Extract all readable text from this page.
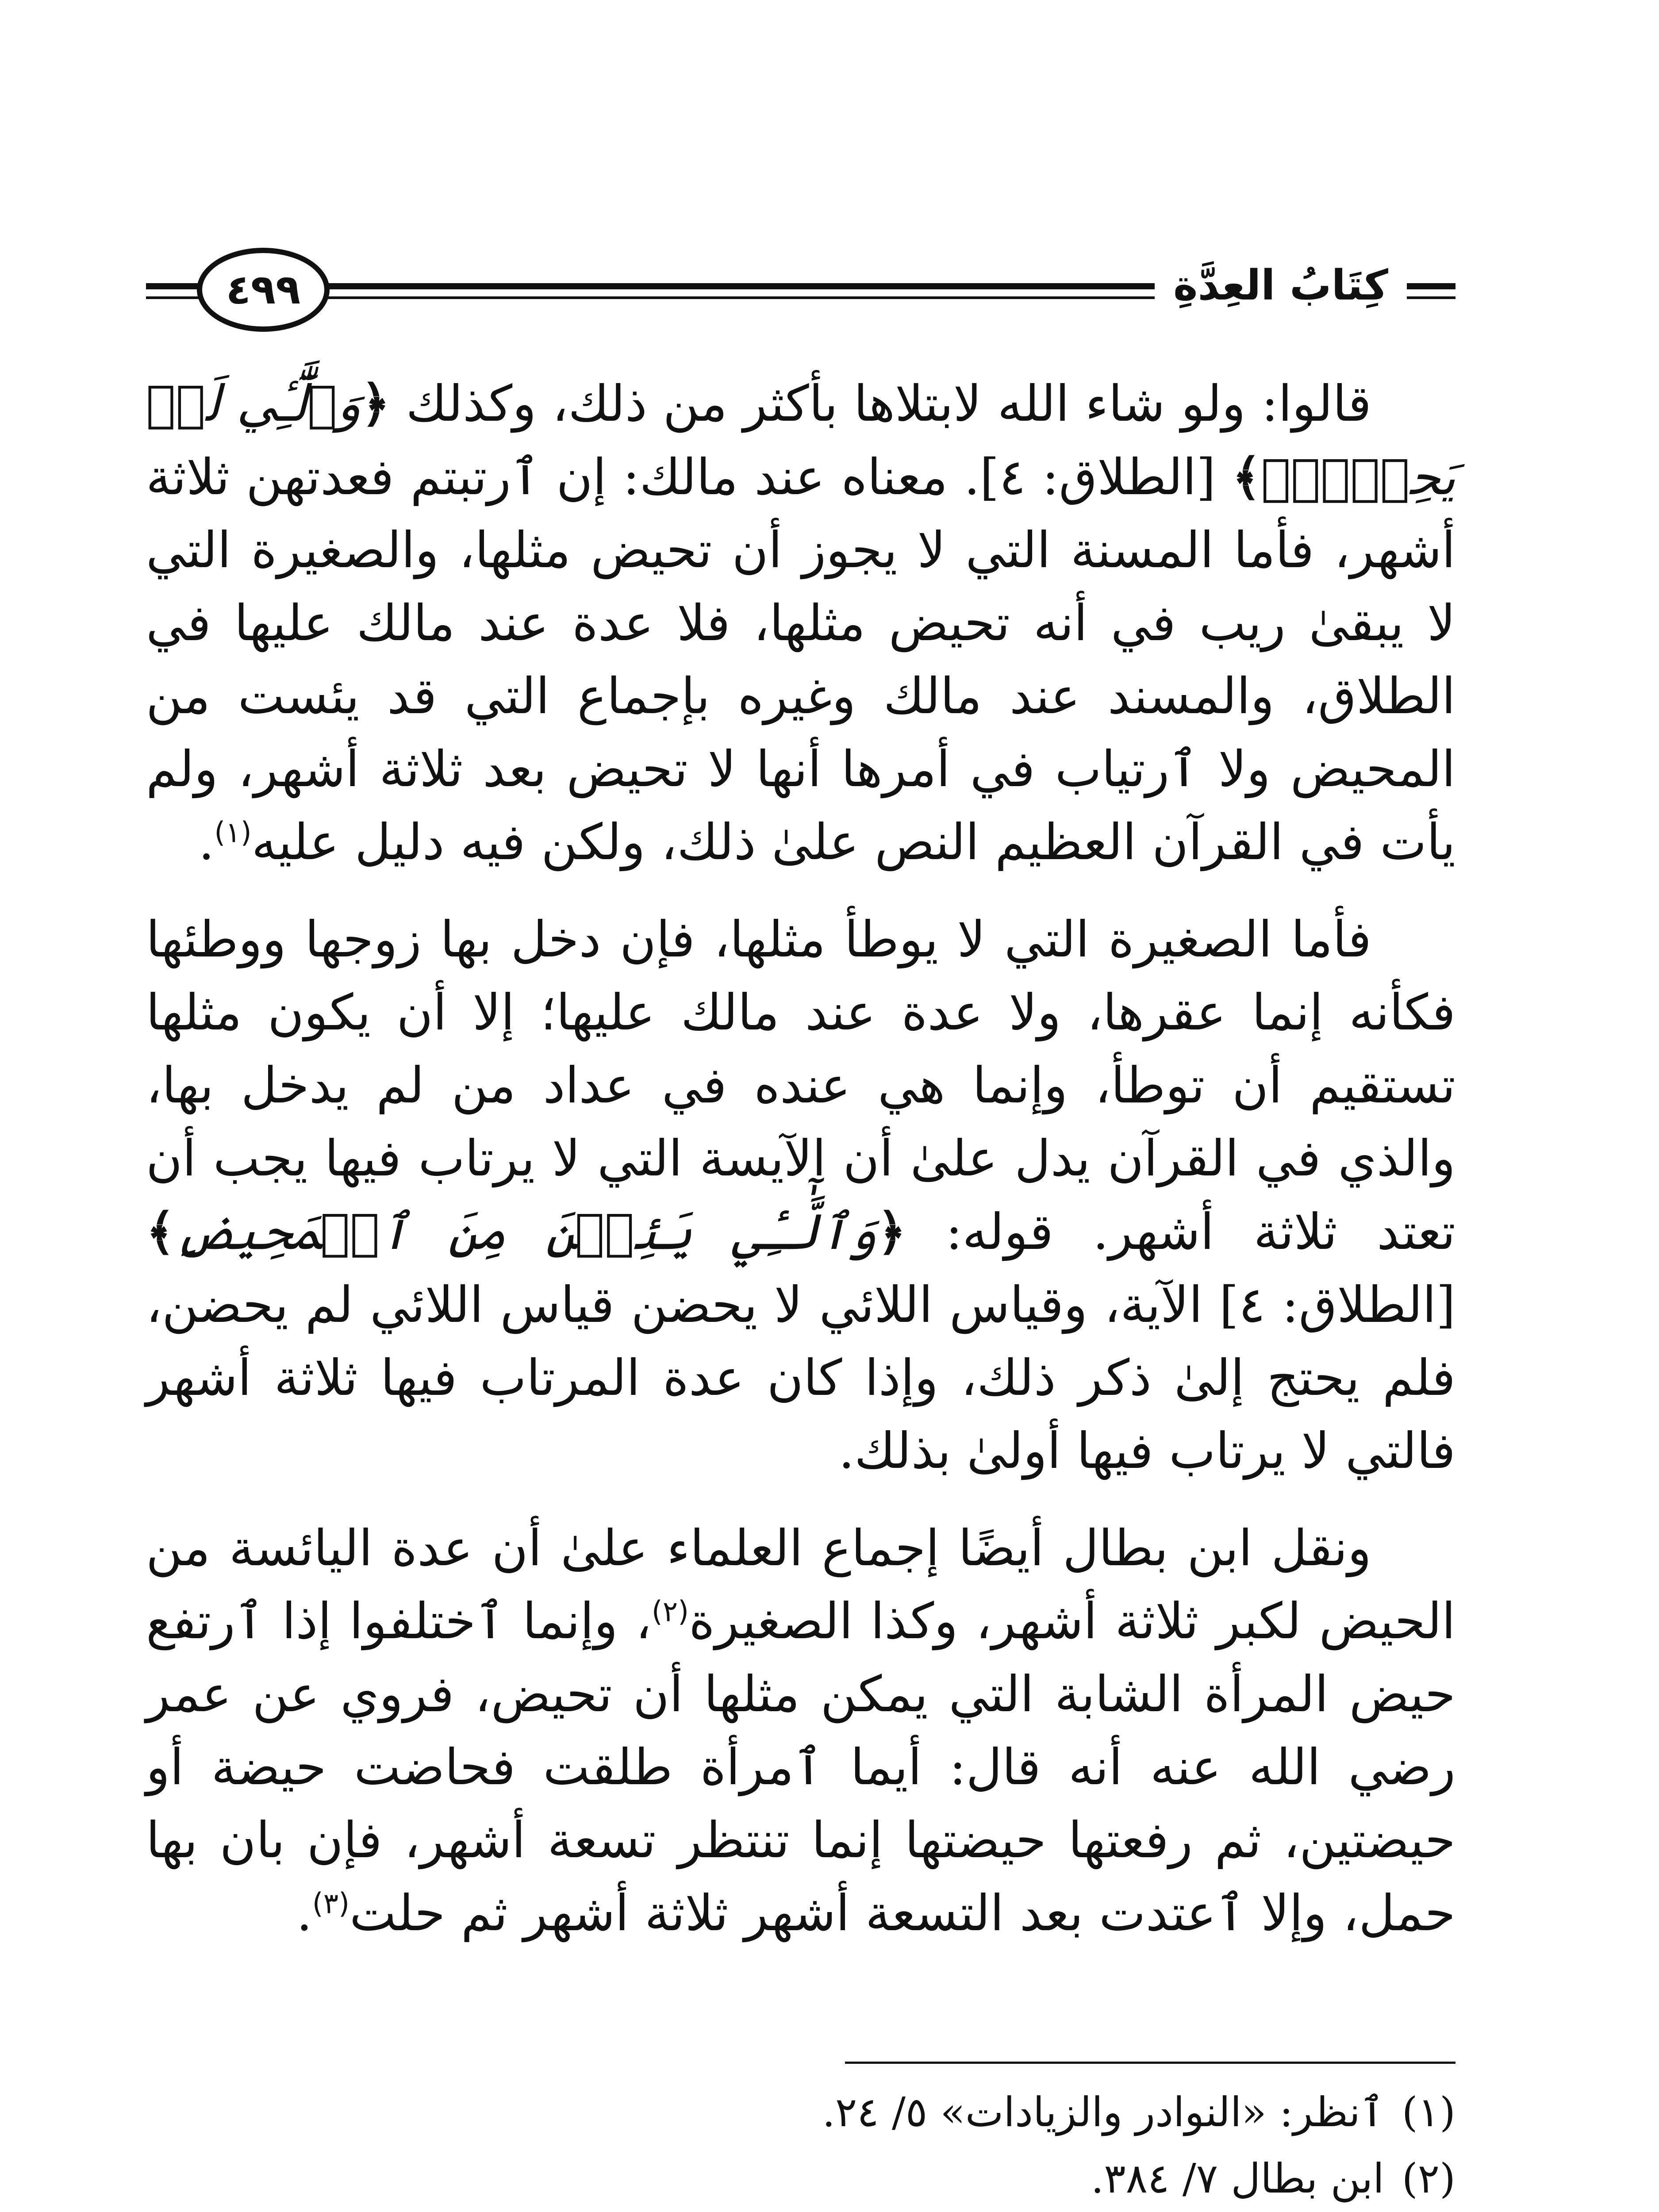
٤٩٩	كِتَابُ العِدَّةِ

قالوا: ولو شاء الله لابتلاها بأكثر من ذلك، وكذلك ﴿وَٱلَّٰٓـِٔي لَمۡ يَحِضۡنَۚ﴾ [الطلاق: ٤]. معناه عند مالك: إن ٱرتبتم فعدتهن ثلاثة أشهر، فأما المسنة التي لا يجوز أن تحيض مثلها، والصغيرة التي لا يبقىٰ ريب في أنه تحيض مثلها، فلا عدة عند مالك عليها في الطلاق، والمسند عند مالك وغيره بإجماع التي قد يئست من المحيض ولا ٱرتياب في أمرها أنها لا تحيض بعد ثلاثة أشهر، ولم يأت في القرآن العظيم النص علىٰ ذلك، ولكن فيه دليل عليه$^{(١)}$.

فأما الصغيرة التي لا يوطأ مثلها، فإن دخل بها زوجها ووطئها فكأنه إنما عقرها، ولا عدة عند مالك عليها؛ إلا أن يكون مثلها تستقيم أن توطأ، وإنما هي عنده في عداد من لم يدخل بها، والذي في القرآن يدل علىٰ أن الآيسة التي لا يرتاب فيها يجب أن تعتد ثلاثة أشهر. قوله: ﴿وَٱلَّٰٓـِٔي يَئِسۡنَ مِنَ ٱلۡمَحِيضِ﴾ [الطلاق: ٤] الآية، وقياس اللائي لا يحضن قياس اللائي لم يحضن، فلم يحتج إلىٰ ذكر ذلك، وإذا كان عدة المرتاب فيها ثلاثة أشهر فالتي لا يرتاب فيها أولىٰ بذلك.

ونقل ابن بطال أيضًا إجماع العلماء علىٰ أن عدة اليائسة من الحيض لكبر ثلاثة أشهر، وكذا الصغيرة$^{(٢)}$، وإنما ٱختلفوا إذا ٱرتفع حيض المرأة الشابة التي يمكن مثلها أن تحيض، فروي عن عمر رضي الله عنه أنه قال: أيما ٱمرأة طلقت فحاضت حيضة أو حيضتين، ثم رفعتها حيضتها إنما تنتظر تسعة أشهر، فإن بان بها حمل، وإلا ٱعتدت بعد التسعة أشهر ثلاثة أشهر ثم حلت$^{(٣)}$.

(١)ٱنظر: «النوادر والزيادات» ٥/ ٢٤.

(٢)ابن بطال ٧/ ٣٨٤.
